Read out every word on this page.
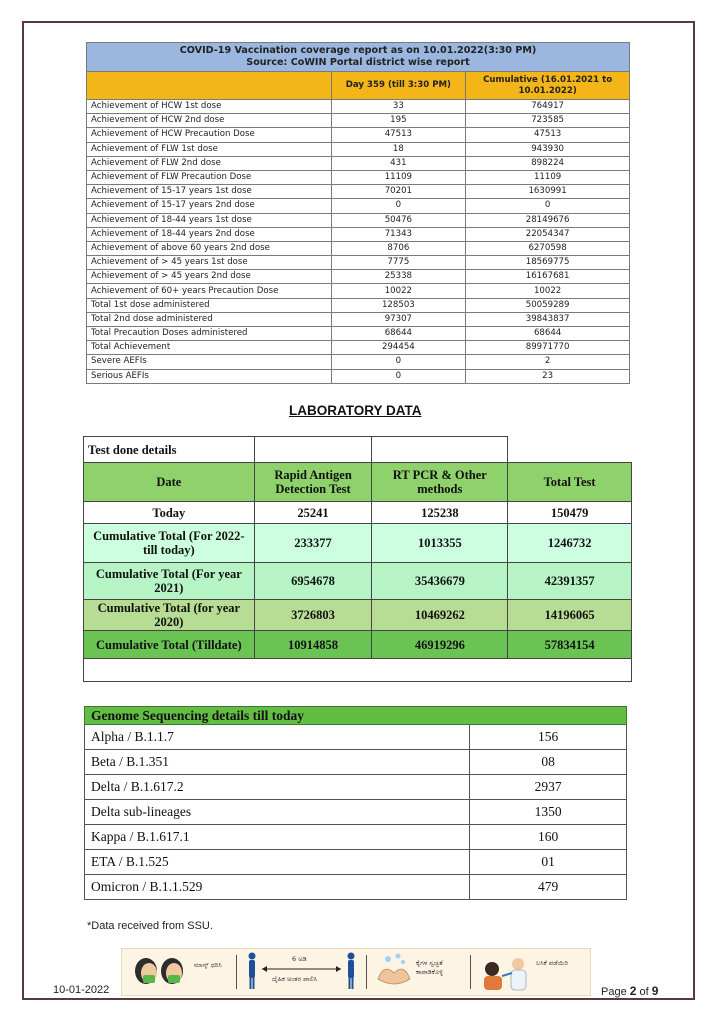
COVID-19 Vaccination coverage report as on 10.01.2022(3:30 PM)
Source: CoWIN Portal district wise report		

	Day 359 (till 3:30 PM)	Cumulative (16.01.2021 to
10.01.2022)

Achievement of HCW 1st dose	33	764917
Achievement of HCW 2nd dose	195	723585
Achievement of HCW Precaution Dose	47513	47513
Achievement of FLW 1st dose	18	943930
Achievement of FLW 2nd dose	431	898224
Achievement of FLW Precaution Dose	11109	11109
Achievement of 15-17 years 1st dose	70201	1630991
Achievement of 15-17 years 2nd dose	0	0
Achievement of 18-44 years 1st dose	50476	28149676
Achievement of 18-44 years 2nd dose	71343	22054347
Achievement of above 60 years 2nd dose	8706	6270598
Achievement of > 45 years 1st dose	7775	18569775
Achievement of > 45 years 2nd dose	25338	16167681
Achievement of 60+ years Precaution Dose	10022	10022
Total 1st dose administered	128503	50059289
Total 2nd dose administered	97307	39843837
Total Precaution Doses administered	68644	68644
Total Achievement	294454	89971770
Severe AEFIs	0	2
Serious AEFIs	0	23
LABORATORY DATA
Test done details			
Date	Rapid Antigen Detection Test	RT PCR & Other methods	Total Test
Today	25241	125238	150479
Cumulative Total (For 2022- till today)	233377	1013355	1246732
Cumulative Total (For year 2021)	6954678	35436679	42391357
Cumulative Total (for year 2020)	3726803	10469262	14196065
Cumulative Total (Tilldate)	10914858	46919296	57834154

Genome Sequencing details till today	
Alpha / B.1.1.7	156
Beta / B.1.351	08
Delta / B.1.617.2	2937
Delta sub-lineages	1350
Kappa / B.1.617.1	160
ETA / B.1.525	01
Omicron / B.1.1.529	479
*Data received from SSU.
ಮಾಸ್ಕ್ ಧರಿಸಿ
6 ಅಡಿ
ದೈಹಿಕ ಅಂತರ ಪಾಲಿಸಿ
ಕೈಗಳ ಸ್ವಚ್ಛತೆ ಕಾಪಾಡಿಕೊಳ್ಳಿ
ಲಸಿಕೆ ಪಡೆಯಿರಿ
10-01-2022	Page 2 of 9
